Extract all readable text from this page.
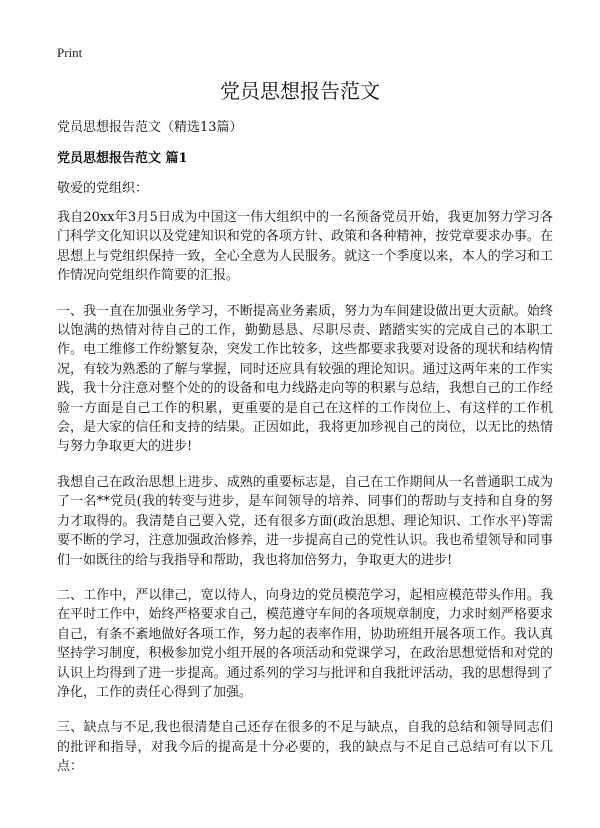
Print
党员思想报告范文
党员思想报告范文（精选13篇）
党员思想报告范文 篇1
敬爱的党组织：

我自20xx年3月5日成为中国这一伟大组织中的一名预备党员开始，我更加努力学习各门科学文化知识以及党建知识和党的各项方针、政策和各种精神，按党章要求办事。在思想上与党组织保持一致，全心全意为人民服务。就这一个季度以来，本人的学习和工作情况向党组织作简要的汇报。

一、我一直在加强业务学习，不断提高业务素质，努力为车间建设做出更大贡献。始终以饱满的热情对待自己的工作，勤勤恳恳、尽职尽责、踏踏实实的完成自己的本职工作。电工维修工作纷繁复杂，突发工作比较多，这些都要求我要对设备的现状和结构情况，有较为熟悉的了解与掌握，同时还应具有较强的理论知识。通过这两年来的工作实践，我十分注意对整个处的的设备和电力线路走向等的积累与总结，我想自己的工作经验一方面是自己工作的积累，更重要的是自己在这样的工作岗位上、有这样的工作机会，是大家的信任和支持的结果。正因如此，我将更加珍视自己的岗位，以无比的热情与努力争取更大的进步!

我想自己在政治思想上进步、成熟的重要标志是，自己在工作期间从一名普通职工成为了一名**党员(我的转变与进步，是车间领导的培养、同事们的帮助与支持和自身的努力才取得的。我清楚自己要入党，还有很多方面(政治思想、理论知识、工作水平)等需要不断的学习，注意加强政治修养，进一步提高自己的党性认识。我也希望领导和同事们一如既往的给与我指导和帮助，我也将加倍努力，争取更大的进步!

二、工作中，严以律己，宽以待人，向身边的党员模范学习，起相应模范带头作用。我在平时工作中，始终严格要求自己，模范遵守车间的各项规章制度，力求时刻严格要求自己，有条不紊地做好各项工作，努力起的表率作用，协助班组开展各项工作。我认真坚持学习制度，积极参加党小组开展的各项活动和党课学习，在政治思想觉悟和对党的认识上均得到了进一步提高。通过系列的学习与批评和自我批评活动，我的思想得到了净化，工作的责任心得到了加强。

三、缺点与不足,我也很清楚自己还存在很多的不足与缺点，自我的总结和领导同志们的批评和指导，对我今后的提高是十分必要的，我的缺点与不足自己总结可有以下几点：
